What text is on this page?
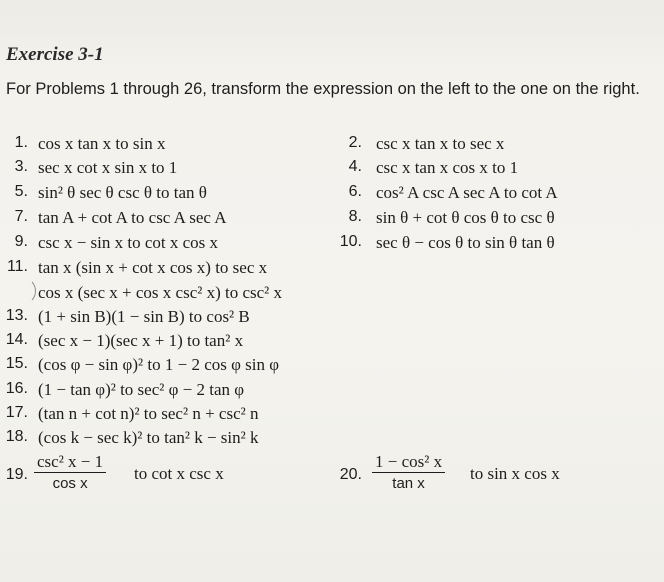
Exercise 3-1
For Problems 1 through 26, transform the expression on the left to the one on the right.
1. cos x tan x to sin x	2. csc x tan x to sec x
3. sec x cot x sin x to 1	4. csc x tan x cos x to 1
5. sin² θ sec θ csc θ to tan θ	6. cos² A csc A sec A to cot A
7. tan A + cot A to csc A sec A	8. sin θ + cot θ cos θ to csc θ
9. csc x − sin x to cot x cos x	10. sec θ − cos θ to sin θ tan θ
11. tan x (sin x + cot x cos x) to sec x
cos x (sec x + cos x csc² x) to csc² x
13. (1 + sin B)(1 − sin B) to cos² B
14. (sec x − 1)(sec x + 1) to tan² x
15. (cos φ − sin φ)² to 1 − 2 cos φ sin φ
16. (1 − tan φ)² to sec² φ − 2 tan φ
17. (tan n + cot n)² to sec² n + csc² n
18. (cos k − sec k)² to tan² k − sin² k
19.
csc² x − 1
cos x
to cot x csc x	20. $\frac{\text{1 − cos² x}}{\text{tan x}}$ to sin x cos x
